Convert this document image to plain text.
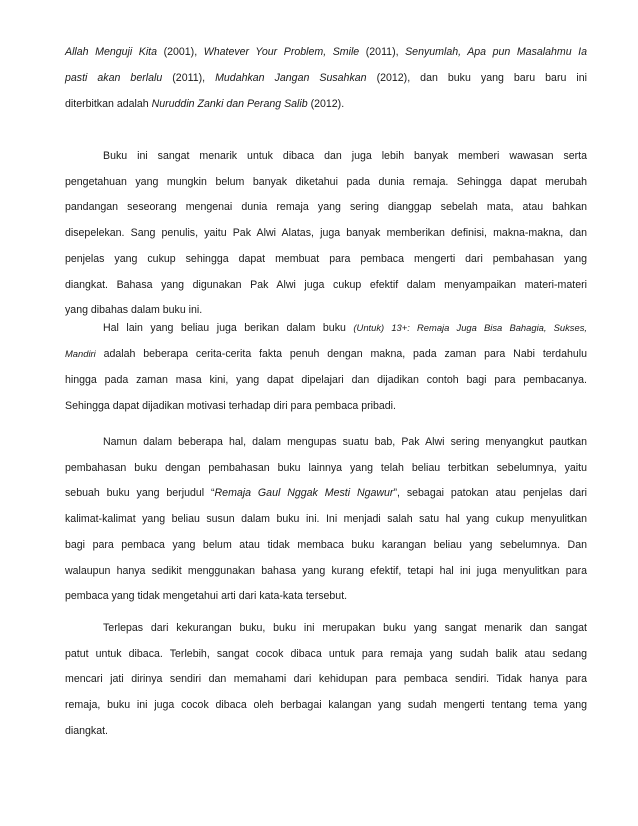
Allah Menguji Kita (2001), Whatever Your Problem, Smile (2011), Senyumlah, Apa pun Masalahmu Ia
pasti akan berlalu (2011), Mudahkan Jangan Susahkan (2012), dan buku yang baru baru ini
diterbitkan adalah Nuruddin Zanki dan Perang Salib (2012).
Buku ini sangat menarik untuk dibaca dan juga lebih banyak memberi wawasan serta
pengetahuan yang mungkin belum banyak diketahui pada dunia remaja. Sehingga dapat merubah
pandangan seseorang mengenai dunia remaja yang sering dianggap sebelah mata, atau bahkan
disepelekan. Sang penulis, yaitu Pak Alwi Alatas, juga banyak memberikan definisi, makna-makna, dan
penjelas yang cukup sehingga dapat membuat para pembaca mengerti dari pembahasan yang
diangkat. Bahasa yang digunakan Pak Alwi juga cukup efektif dalam menyampaikan materi-materi
yang dibahas dalam buku ini.
Hal lain yang beliau juga berikan dalam buku (Untuk) 13+: Remaja Juga Bisa Bahagia, Sukses,
Mandiri adalah beberapa cerita-cerita fakta penuh dengan makna, pada zaman para Nabi terdahulu
hingga pada zaman masa kini, yang dapat dipelajari dan dijadikan contoh bagi para pembacanya.
Sehingga dapat dijadikan motivasi terhadap diri para pembaca pribadi.
Namun dalam beberapa hal, dalam mengupas suatu bab, Pak Alwi sering menyangkut pautkan
pembahasan buku dengan pembahasan buku lainnya yang telah beliau terbitkan sebelumnya, yaitu
sebuah buku yang berjudul “Remaja Gaul Nggak Mesti Ngawur”, sebagai patokan atau penjelas dari
kalimat-kalimat yang beliau susun dalam buku ini. Ini menjadi salah satu hal yang cukup menyulitkan
bagi para pembaca yang belum atau tidak membaca buku karangan beliau yang sebelumnya. Dan
walaupun hanya sedikit menggunakan bahasa yang kurang efektif, tetapi hal ini juga menyulitkan para
pembaca yang tidak mengetahui arti dari kata-kata tersebut.
Terlepas dari kekurangan buku, buku ini merupakan buku yang sangat menarik dan sangat
patut untuk dibaca. Terlebih, sangat cocok dibaca untuk para remaja yang sudah balik atau sedang
mencari jati dirinya sendiri dan memahami dari kehidupan para pembaca sendiri. Tidak hanya para
remaja, buku ini juga cocok dibaca oleh berbagai kalangan yang sudah mengerti tentang tema yang
diangkat.
